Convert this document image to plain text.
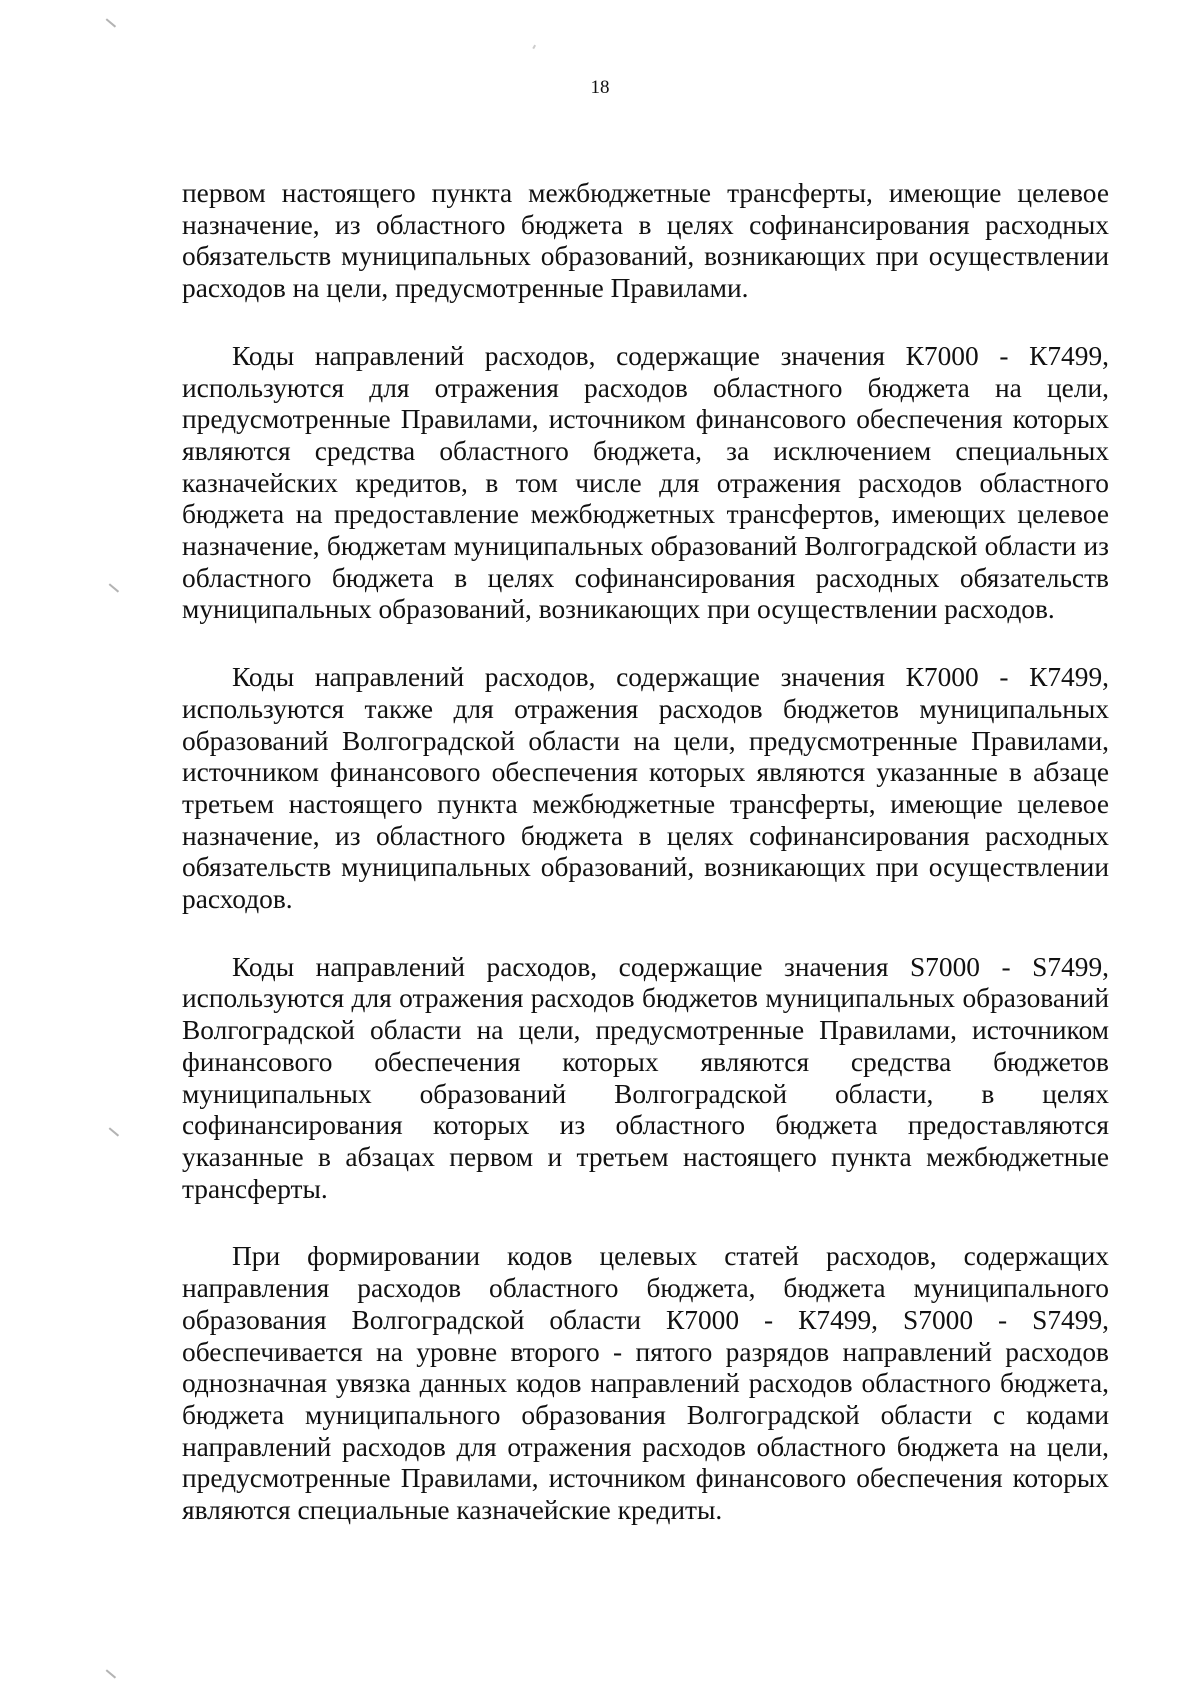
18

первом настоящего пункта межбюджетные трансферты, имеющие целевое назначение, из областного бюджета в целях софинансирования расходных обязательств муниципальных образований, возникающих при осуществлении расходов на цели, предусмотренные Правилами.

Коды направлений расходов, содержащие значения К7000 - К7499, используются для отражения расходов областного бюджета на цели, предусмотренные Правилами, источником финансового обеспечения которых являются средства областного бюджета, за исключением специальных казначейских кредитов, в том числе для отражения расходов областного бюджета на предоставление межбюджетных трансфертов, имеющих целевое назначение, бюджетам муниципальных образований Волгоградской области из областного бюджета в целях софинансирования расходных обязательств муниципальных образований, возникающих при осуществлении расходов.

Коды направлений расходов, содержащие значения К7000 - К7499, используются также для отражения расходов бюджетов муниципальных образований Волгоградской области на цели, предусмотренные Правилами, источником финансового обеспечения которых являются указанные в абзаце третьем настоящего пункта межбюджетные трансферты, имеющие целевое назначение, из областного бюджета в целях софинансирования расходных обязательств муниципальных образований, возникающих при осуществлении расходов.

Коды направлений расходов, содержащие значения S7000 - S7499, используются для отражения расходов бюджетов муниципальных образований Волгоградской области на цели, предусмотренные Правилами, источником финансового обеспечения которых являются средства бюджетов муниципальных образований Волгоградской области, в целях софинансирования которых из областного бюджета предоставляются указанные в абзацах первом и третьем настоящего пункта межбюджетные трансферты.

При формировании кодов целевых статей расходов, содержащих направления расходов областного бюджета, бюджета муниципального образования Волгоградской области К7000 - К7499, S7000 - S7499, обеспечивается на уровне второго - пятого разрядов направлений расходов однозначная увязка данных кодов направлений расходов областного бюджета, бюджета муниципального образования Волгоградской области с кодами направлений расходов для отражения расходов областного бюджета на цели, предусмотренные Правилами, источником финансового обеспечения которых являются специальные казначейские кредиты.
